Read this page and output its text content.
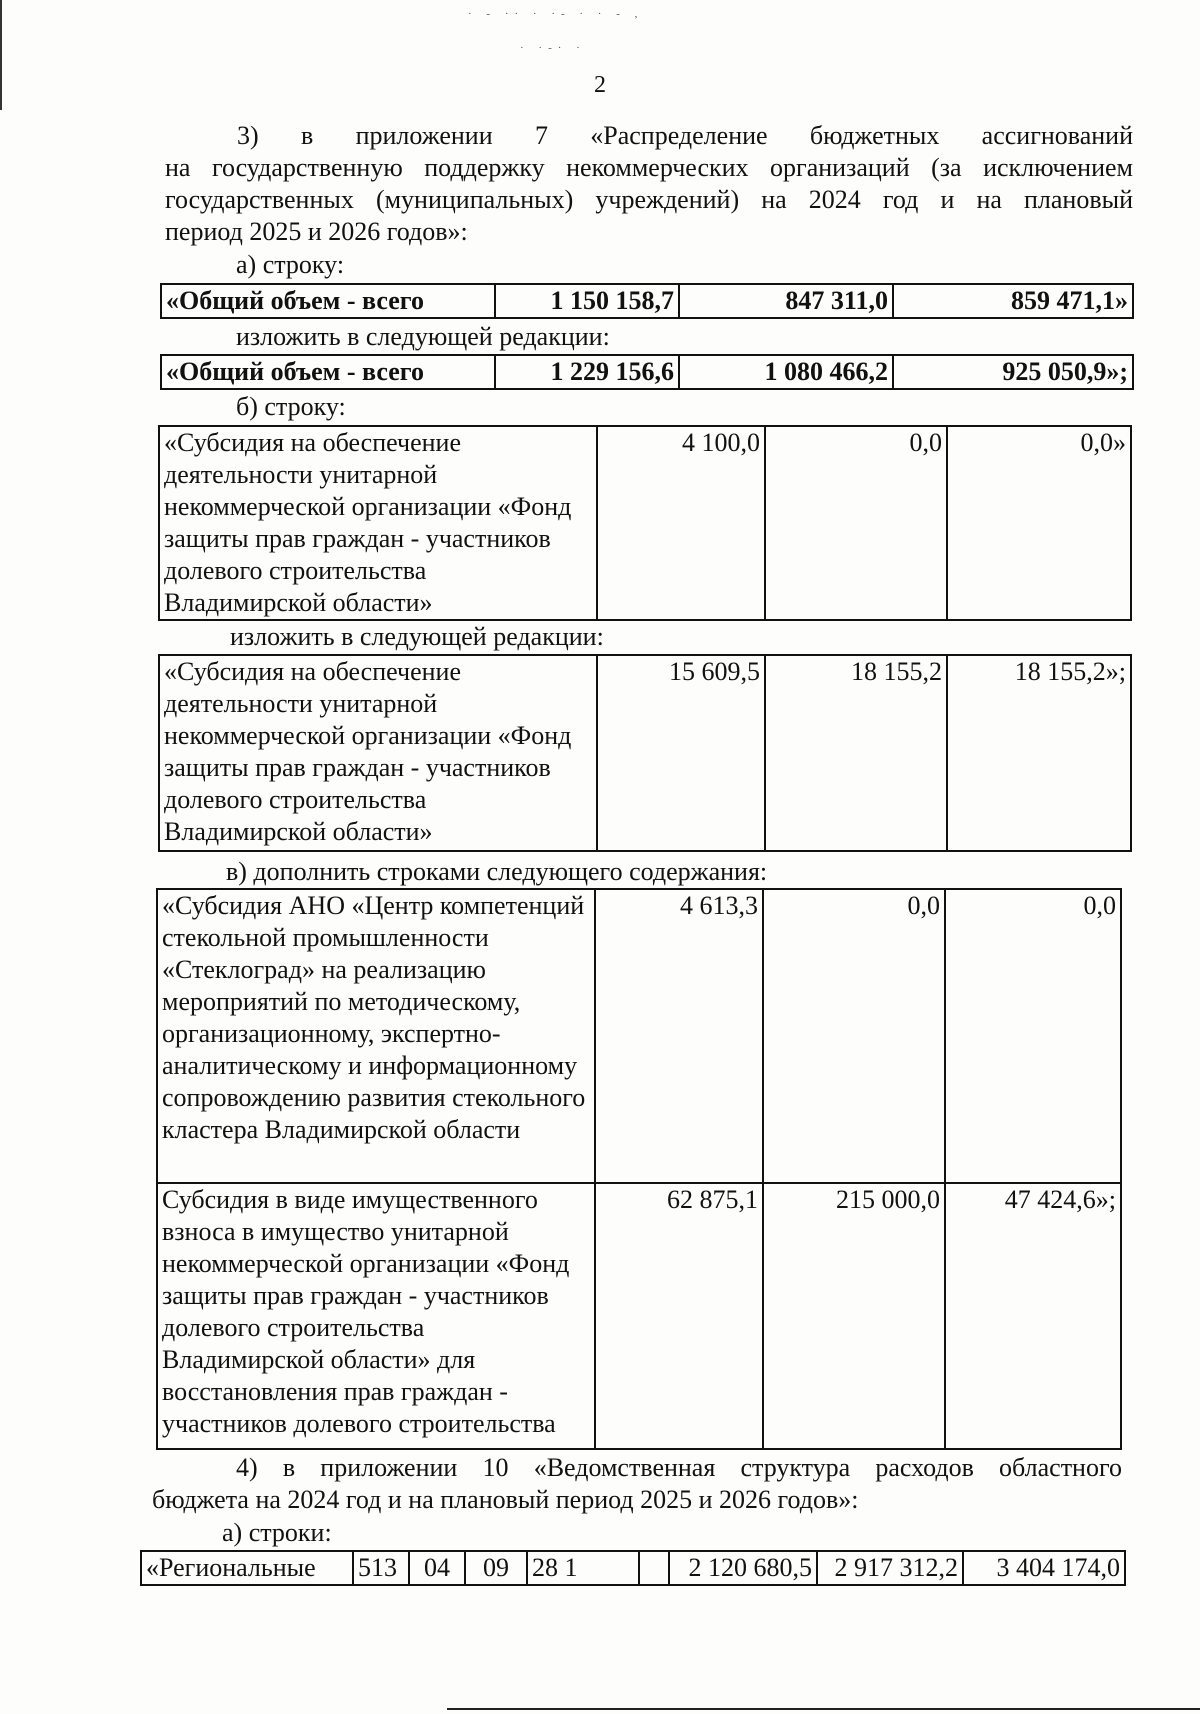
· - ·· · ·- · · - ,
· ·-· ·
2
3) в приложении 7 «Распределение бюджетных ассигнований
на государственную поддержку некоммерческих организаций (за исключением
государственных (муниципальных) учреждений) на 2024 год и на плановый
период 2025 и 2026 годов»:
а) строку:
«Общий объем - всего	1 150 158,7	847 311,0	859 471,1»
изложить в следующей редакции:
«Общий объем - всего	1 229 156,6	1 080 466,2	925 050,9»;
б) строку:
«Субсидия на обеспечение деятельности унитарной некоммерческой организации «Фонд защиты прав граждан - участников долевого строительства Владимирской области»	4 100,0	0,0	0,0»
изложить в следующей редакции:
«Субсидия на обеспечение деятельности унитарной некоммерческой организации «Фонд защиты прав граждан - участников долевого строительства Владимирской области»	15 609,5	18 155,2	18 155,2»;
в) дополнить строками следующего содержания:
«Субсидия АНО «Центр компетенций стекольной промышленности «Стеклоград» на реализацию мероприятий по методическому, организационному, экспертно-аналитическому и информационному сопровождению развития стекольного кластера Владимирской области	4 613,3	0,0	0,0
Субсидия в виде имущественного взноса в имущество унитарной некоммерческой организации «Фонд защиты прав граждан - участников долевого строительства Владимирской области» для восстановления прав граждан - участников долевого строительства	62 875,1	215 000,0	47 424,6»;
4) в приложении 10 «Ведомственная структура расходов областного
бюджета на 2024 год и на плановый период 2025 и 2026 годов»:
а) строки:
«Региональные	513	04	09	28 1		2 120 680,5	2 917 312,2	3 404 174,0
